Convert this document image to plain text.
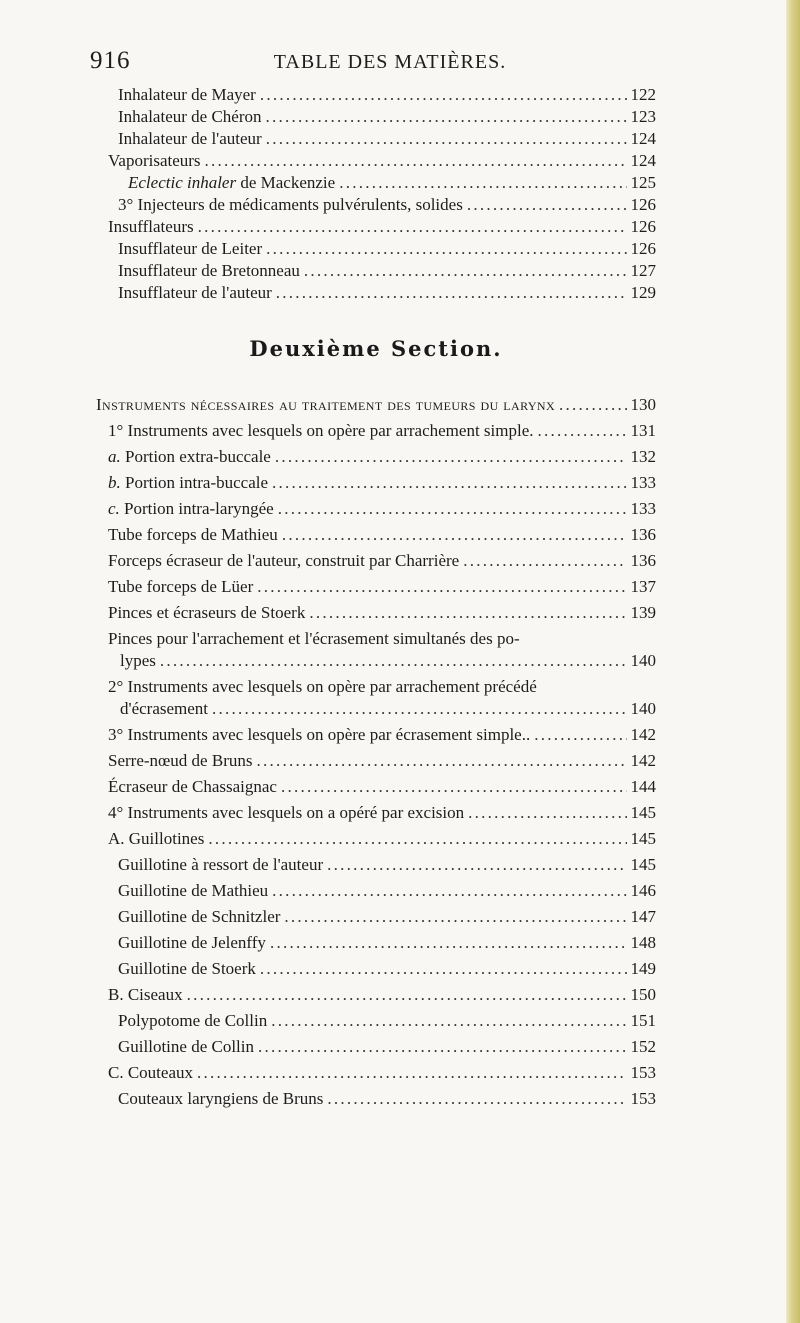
916	TABLE DES MATIÈRES.
Inhalateur de Mayer . . .	122
Inhalateur de Chéron . . .	123
Inhalateur de l'auteur . . .	124
Vaporisateurs . . .	124
Eclectic inhaler de Mackenzie . . .	125
3° Injecteurs de médicaments pulvérulents, solides . . .	126
Insufflateurs . . .	126
Insufflateur de Leiter . . .	126
Insufflateur de Bretonneau . . .	127
Insufflateur de l'auteur . . .	129
Deuxième Section.
Instruments nécessaires au traitement des tumeurs du larynx . . .	130
1° Instruments avec lesquels on opère par arrachement simple. . . .	131
a. Portion extra-buccale . . .	132
b. Portion intra-buccale . . .	133
c. Portion intra-laryngée . . .	133
Tube forceps de Mathieu . . .	136
Forceps écraseur de l'auteur, construit par Charrière . . .	136
Tube forceps de Lüer . . .	137
Pinces et écraseurs de Stoerk . . .	139
Pinces pour l'arrachement et l'écrasement simultanés des po-
lypes . . .	140
2° Instruments avec lesquels on opère par arrachement précédé
d'écrasement . . .	140
3° Instruments avec lesquels on opère par écrasement simple.. . . .	142
Serre-nœud de Bruns . . .	142
Écraseur de Chassaignac . . .	144
4° Instruments avec lesquels on a opéré par excision . . .	145
A. Guillotines . . .	145
Guillotine à ressort de l'auteur . . .	145
Guillotine de Mathieu . . .	146
Guillotine de Schnitzler . . .	147
Guillotine de Jelenffy . . .	148
Guillotine de Stoerk . . .	149
B. Ciseaux . . .	150
Polypotome de Collin . . .	151
Guillotine de Collin . . .	152
C. Couteaux . . .	153
Couteaux laryngiens de Bruns . . .	153
